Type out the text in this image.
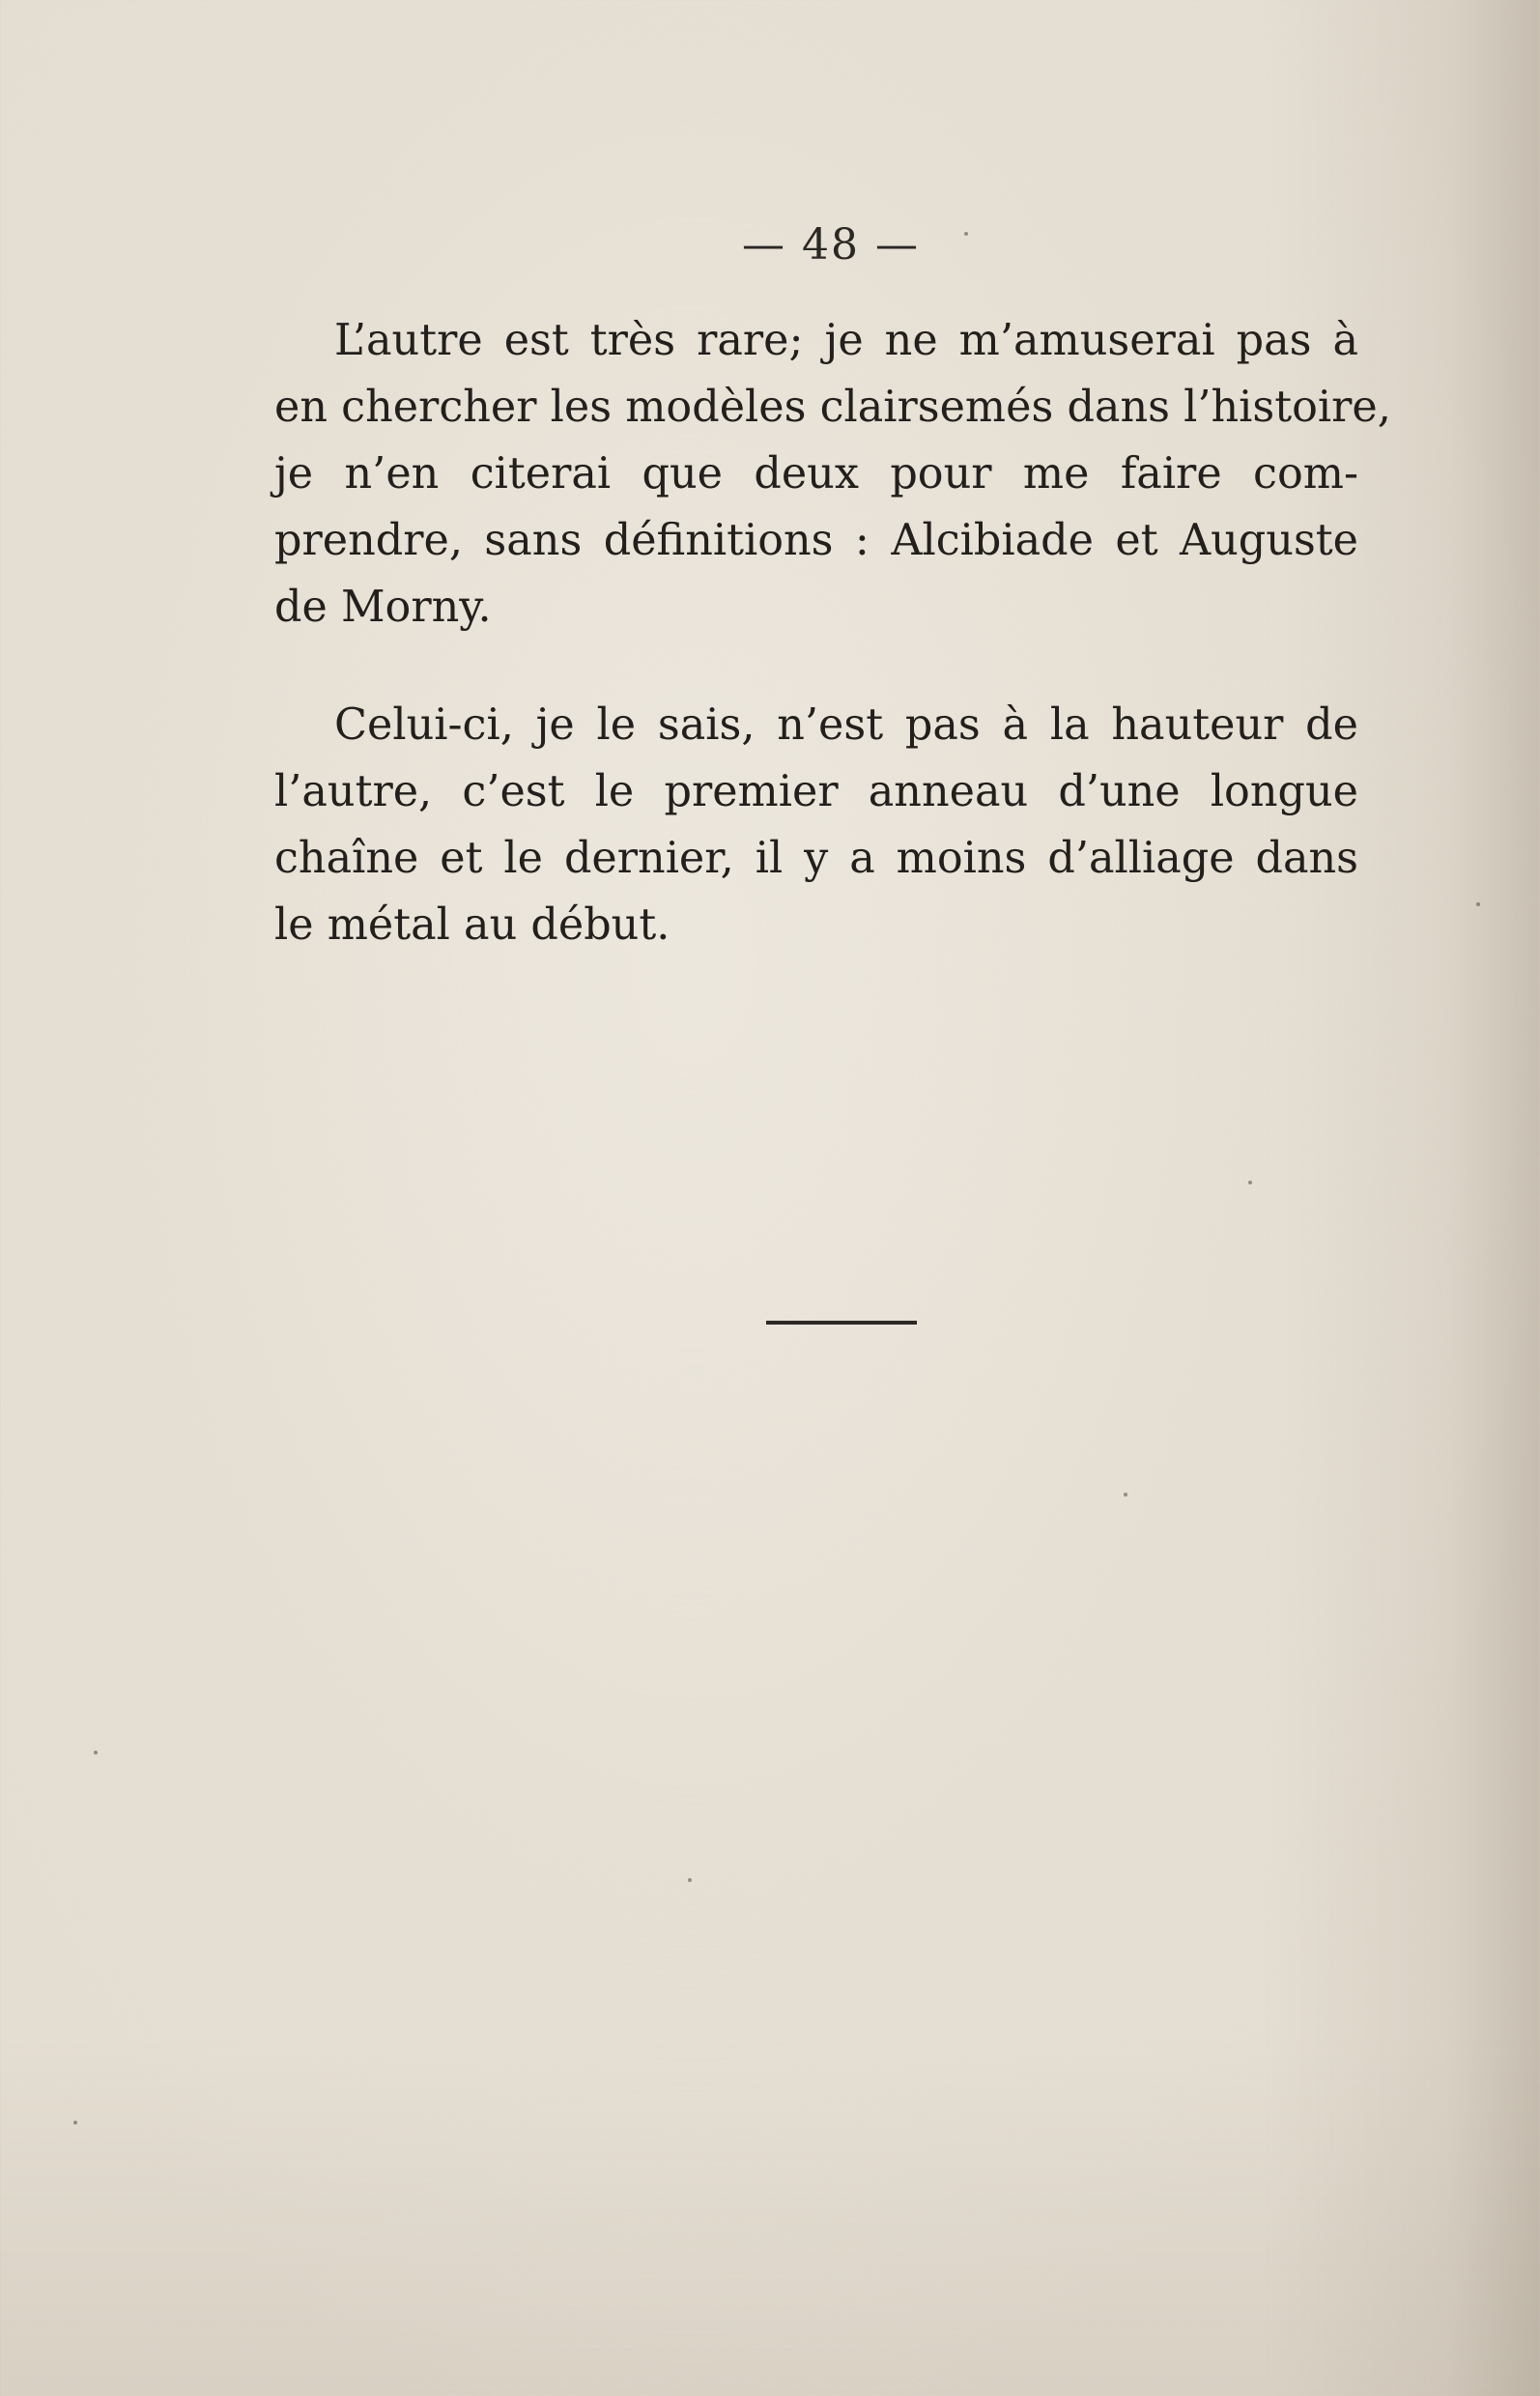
— 48 —
L’autre est très rare; je ne m’amuserai pas à
en chercher les modèles clairsemés dans l’histoire,
je n’en citerai que deux pour me faire com-
prendre, sans définitions : Alcibiade et Auguste
de Morny.
Celui-ci, je le sais, n’est pas à la hauteur de
l’autre, c’est le premier anneau d’une longue
chaîne et le dernier, il y a moins d’alliage dans
le métal au début.
